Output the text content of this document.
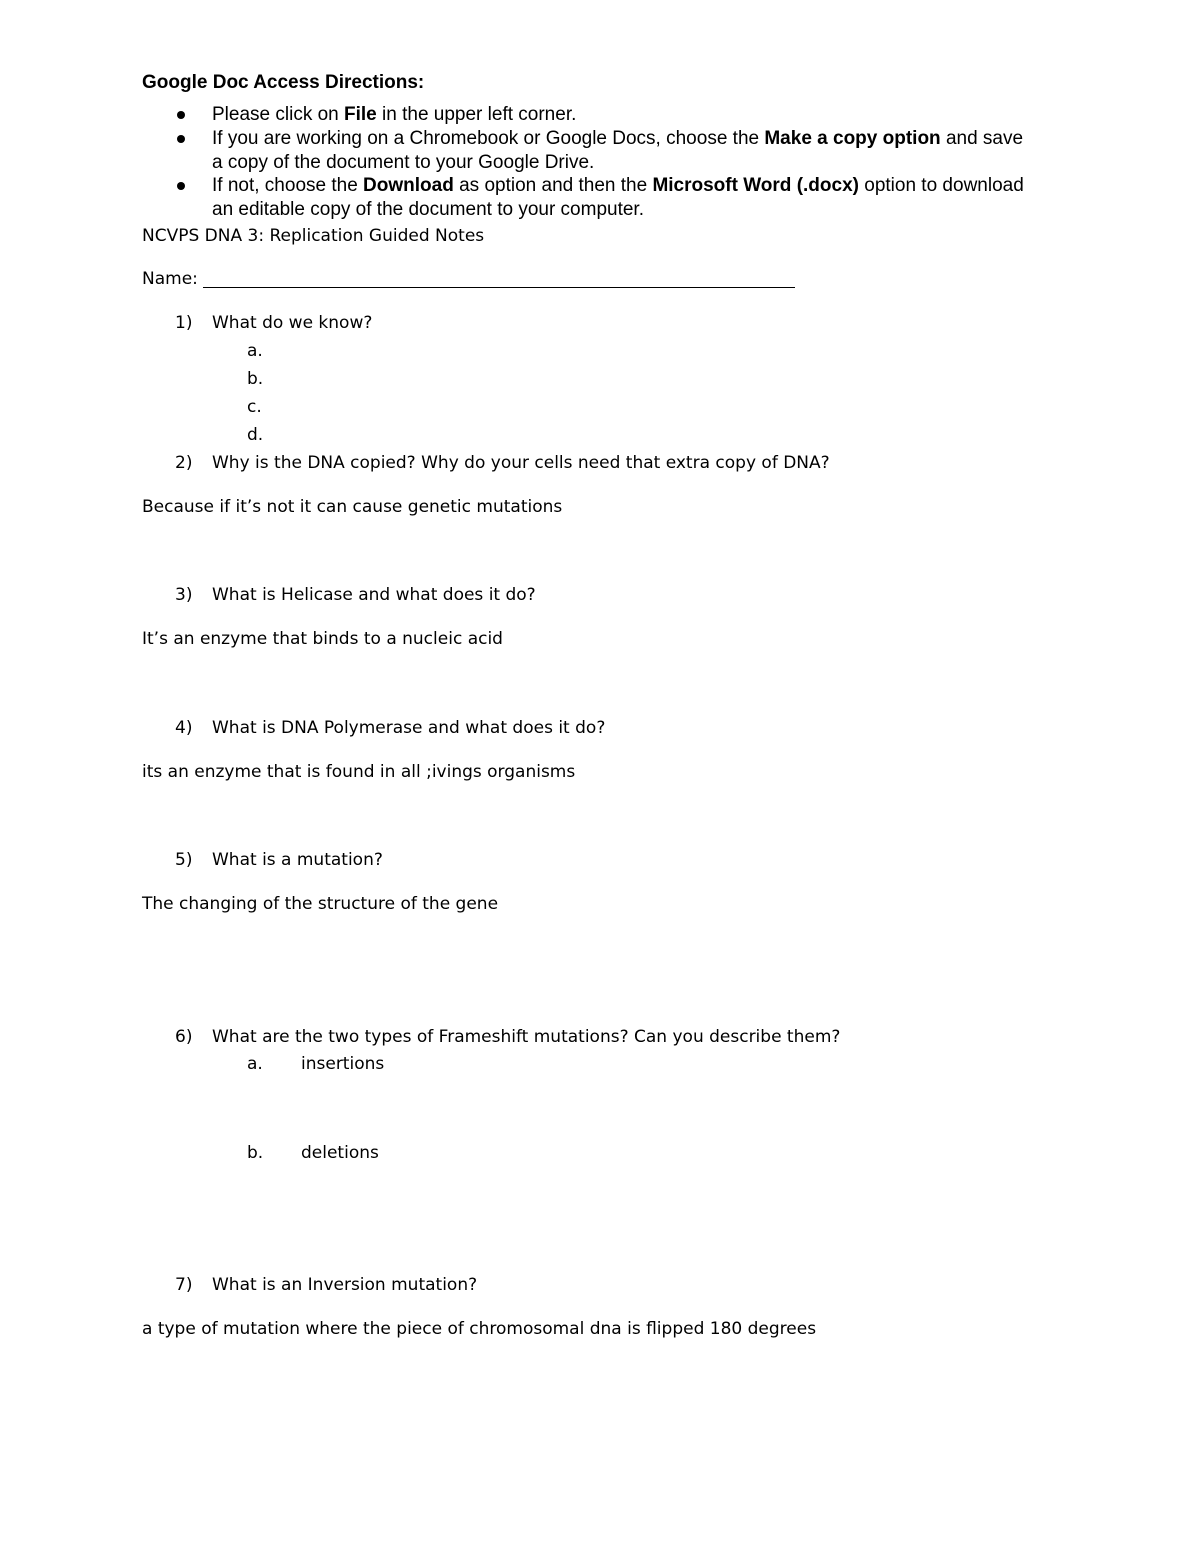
Google Doc Access Directions:
Please click on File in the upper left corner.
If you are working on a Chromebook or Google Docs, choose the Make a copy option and save
a copy of the document to your Google Drive.
If not, choose the Download as option and then the Microsoft Word (.docx) option to download
an editable copy of the document to your computer.
NCVPS DNA 3: Replication Guided Notes
Name:
1) What do we know?
a.
b.
c.
d.
2) Why is the DNA copied? Why do your cells need that extra copy of DNA?
Because if it’s not it can cause genetic mutations
3) What is Helicase and what does it do?
It’s an enzyme that binds to a nucleic acid
4) What is DNA Polymerase and what does it do?
its an enzyme that is found in all ;ivings organisms
5) What is a mutation?
The changing of the structure of the gene
6) What are the two types of Frameshift mutations? Can you describe them?
a. insertions
b. deletions
7) What is an Inversion mutation?
a type of mutation where the piece of chromosomal dna is flipped 180 degrees
